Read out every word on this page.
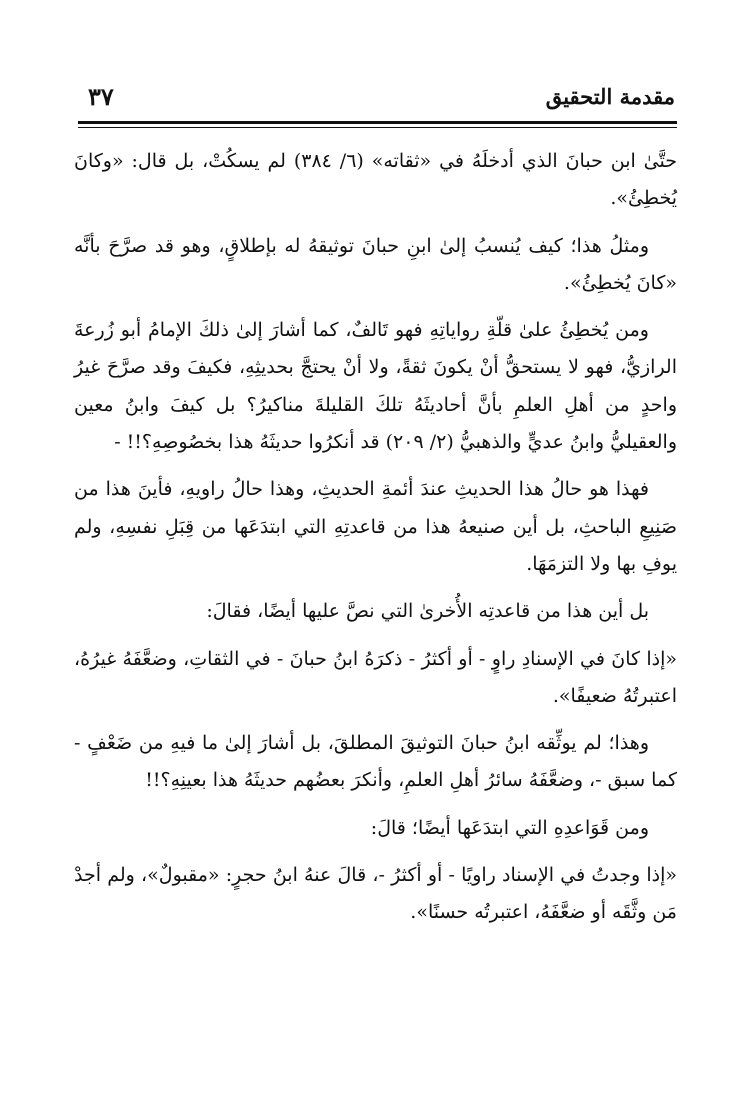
مقدمة التحقيق
٣٧

حتَّىٰ ابن حبانَ الذي أدخلَهُ في «ثقاته» (٦/ ٣٨٤) لم يسكُتْ، بل قال: «وكانَ يُخطِئُ».

ومثلُ هذا؛ كيف يُنسبُ إلىٰ ابنِ حبانَ توثيقهُ له بإطلاقٍ، وهو قد صرَّحَ بأنَّه «كانَ يُخطِئُ».

ومن يُخطِئُ علىٰ قلّةِ رواياتِهِ فهو تَالفٌ، كما أشارَ إلىٰ ذلكَ الإمامُ أبو زُرعةَ الرازيُّ، فهو لا يستحقُّ أنْ يكونَ ثقةً، ولا أنْ يحتجَّ بحديثِهِ، فكيفَ وقد صرَّحَ غيرُ واحدٍ من أهلِ العلمِ بأنَّ أحاديثَهُ تلكَ القليلةَ مناكيرُ؟ بل كيفَ وابنُ معين والعقيليُّ وابنُ عديٍّ والذهبيُّ (٢/ ٢٠٩) قد أنكرُوا حديثَهُ هذا بخصُوصِهِ؟!! -

فهذا هو حالُ هذا الحديثِ عندَ أئمةِ الحديثِ، وهذا حالُ راويهِ، فأينَ هذا من صَنِيعِ الباحثِ، بل أين صنيعهُ هذا من قاعدتِهِ التي ابتدَعَها من قِبَلِ نفسِهِ، ولم يوفِ بها ولا التزمَهَا.

بل أين هذا من قاعدتِه الأُخرىٰ التي نصَّ عليها أيضًا، فقالَ:

«إذا كانَ في الإسنادِ راوٍ - أو أكثرُ - ذكرَهُ ابنُ حبانَ - في الثقاتِ، وضعَّفَهُ غيرُهُ، اعتبرتُهُ ضعيفًا».

وهذا؛ لم يوثِّقه ابنُ حبانَ التوثيقَ المطلقَ، بل أشارَ إلىٰ ما فيهِ من ضَعْفٍ - كما سبق -، وضعَّفَهُ سائرُ أهلِ العلمِ، وأنكرَ بعضُهم حديثَهُ هذا بعينِهِ؟!!

ومن قَوَاعدِهِ التي ابتدَعَها أيضًا؛ قالَ:

«إذا وجدتُ في الإسناد راويًا - أو أكثرُ -، قالَ عنهُ ابنُ حجرٍ: «مقبولٌ»، ولم أجدْ مَن وثَّقَه أو ضعَّفَهُ، اعتبرتُه حسنًا».
